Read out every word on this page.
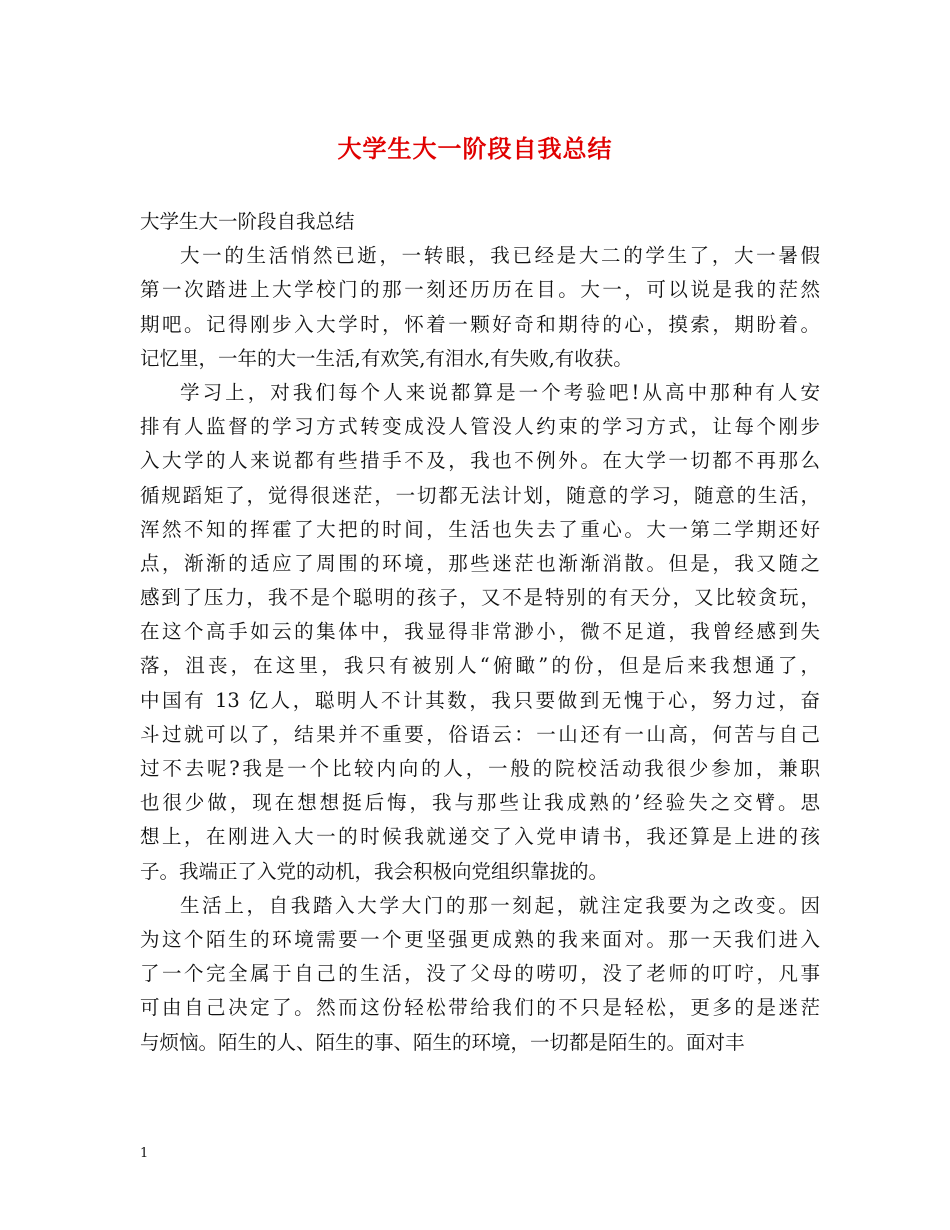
大学生大一阶段自我总结

大学生大一阶段自我总结

大一的生活悄然已逝，一转眼，我已经是大二的学生了，大一暑假
第一次踏进上大学校门的那一刻还历历在目。大一，可以说是我的茫然
期吧。记得刚步入大学时，怀着一颗好奇和期待的心，摸索，期盼着。
记忆里，一年的大一生活,有欢笑,有泪水,有失败,有收获。
学习上，对我们每个人来说都算是一个考验吧!从高中那种有人安
排有人监督的学习方式转变成没人管没人约束的学习方式，让每个刚步
入大学的人来说都有些措手不及，我也不例外。在大学一切都不再那么
循规蹈矩了，觉得很迷茫，一切都无法计划，随意的学习，随意的生活，
浑然不知的挥霍了大把的时间，生活也失去了重心。大一第二学期还好
点，渐渐的适应了周围的环境，那些迷茫也渐渐消散。但是，我又随之
感到了压力，我不是个聪明的孩子，又不是特别的有天分，又比较贪玩，
在这个高手如云的集体中，我显得非常渺小，微不足道，我曾经感到失
落，沮丧，在这里，我只有被别人“俯瞰”的份，但是后来我想通了，
中国有 13 亿人，聪明人不计其数，我只要做到无愧于心，努力过，奋
斗过就可以了，结果并不重要，俗语云：一山还有一山高，何苦与自己
过不去呢?我是一个比较内向的人，一般的院校活动我很少参加，兼职
也很少做，现在想想挺后悔，我与那些让我成熟的’经验失之交臂。思
想上，在刚进入大一的时候我就递交了入党申请书，我还算是上进的孩
子。我端正了入党的动机，我会积极向党组织靠拢的。
生活上，自我踏入大学大门的那一刻起，就注定我要为之改变。因
为这个陌生的环境需要一个更坚强更成熟的我来面对。那一天我们进入
了一个完全属于自己的生活，没了父母的唠叨，没了老师的叮咛，凡事
可由自己决定了。然而这份轻松带给我们的不只是轻松，更多的是迷茫
与烦恼。陌生的人、陌生的事、陌生的环境，一切都是陌生的。面对丰

1
